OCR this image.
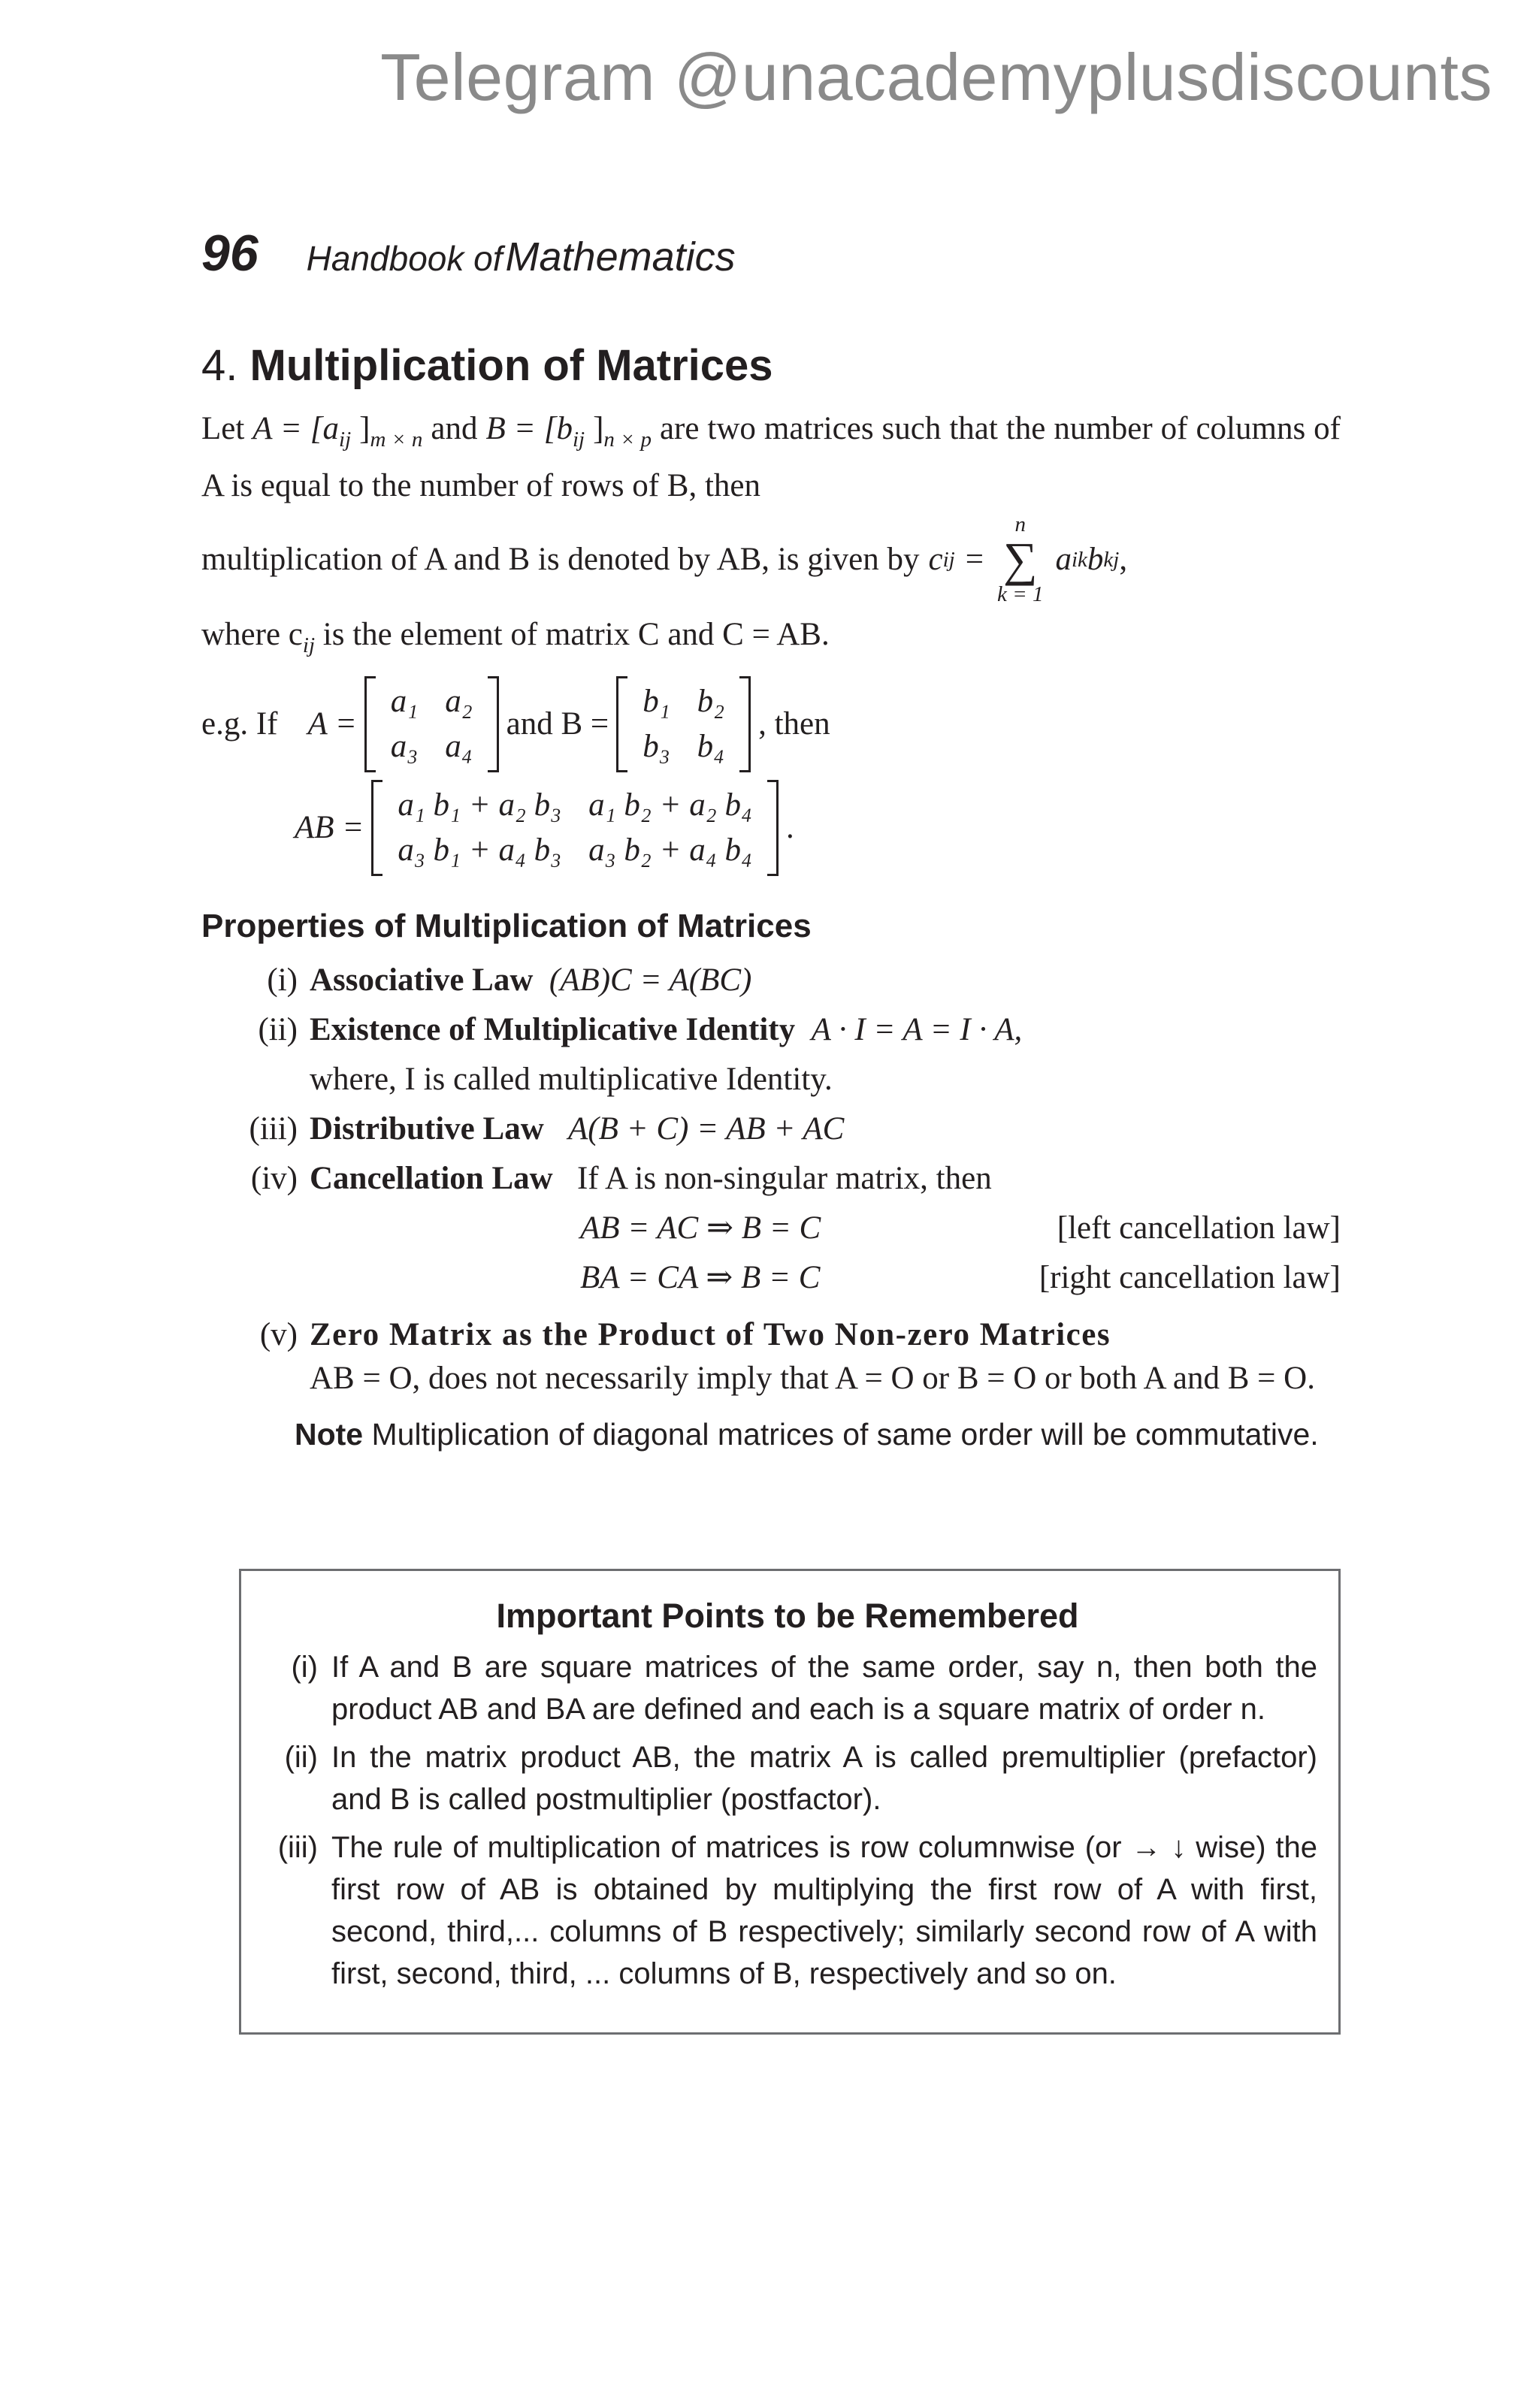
Telegram @unacademyplusdiscounts
96 Handbook of Mathematics
4. Multiplication of Matrices
Let $A = [a_{ij}$ ]$_{m \times n}$ and $B = [b_{ij}$ ]$_{n \times p}$ are two matrices such that the number of columns of A is equal to the number of rows of B, then
multiplication of A and B is denoted by AB, is given by c ij =
n
∑
k = 1
a ik b kj ,
where $c_{ij}$ is the element of matrix C and C = AB.
e.g. If A =
a₁ a₂
a₃ a₄
and B =
b₁ b₂
b₃ b₄
, then
AB =
a₁ b₁ + a₂ b₃ a₁ b₂ + a₂ b₄
a₃ b₁ + a₄ b₃ a₃ b₂ + a₄ b₄
.
Properties of Multiplication of Matrices
(i) Associative Law (AB)C = A(BC)
(ii) Existence of Multiplicative Identity A · I = A = I · A,
where, I is called multiplicative Identity.
(iii) Distributive Law A(B + C) = AB + AC
(iv) Cancellation Law If A is non-singular matrix, then
AB = AC ⇒ B = C	[left cancellation law]
BA = CA ⇒ B = C	[right cancellation law]
(v) Zero Matrix as the Product of Two Non-zero Matrices
AB = O, does not necessarily imply that A = O or B = O or both A and B = O.
Note Multiplication of diagonal matrices of same order will be commutative.
Important Points to be Remembered
(i) If A and B are square matrices of the same order, say n, then both the product AB and BA are defined and each is a square matrix of order n.
(ii) In the matrix product AB, the matrix A is called premultiplier (prefactor) and B is called postmultiplier (postfactor).
(iii) The rule of multiplication of matrices is row columnwise (or → ↓ wise) the first row of AB is obtained by multiplying the first row of A with first, second, third,... columns of B respectively; similarly second row of A with first, second, third, ... columns of B, respectively and so on.
